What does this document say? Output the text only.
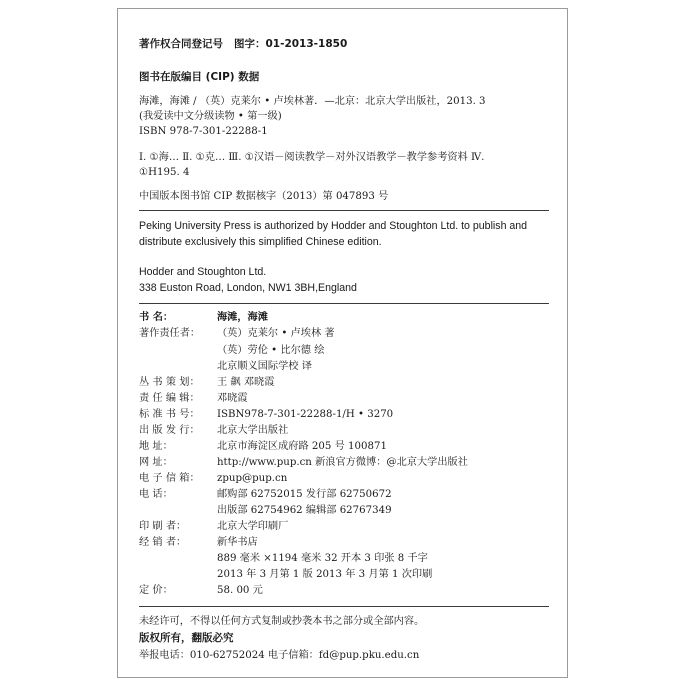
著作权合同登记号 图字：01-2013-1850
图书在版编目 (CIP) 数据
海滩，海滩 / （英）克莱尔 • 卢埃林著．—北京：北京大学出版社，2013. 3
(我爱读中文分级读物 • 第一级)
ISBN 978-7-301-22288-1
Ⅰ. ①海… Ⅱ. ①克… Ⅲ. ①汉语－阅读教学－对外汉语教学－教学参考资料 Ⅳ.
①H195. 4
中国版本图书馆 CIP 数据核字（2013）第 047893 号
Peking University Press is authorized by Hodder and Stoughton Ltd. to publish and
distribute exclusively this simplified Chinese edition.
Hodder and Stoughton Ltd.
338 Euston Road, London, NW1 3BH,England
书 名：	海滩，海滩
著作责任者： （英）克莱尔 • 卢埃林 著
（英）劳伦 • 比尔德 绘
北京顺义国际学校 译
丛 书 策 划： 王 飙 邓晓霞
责 任 编 辑： 邓晓霞
标 准 书 号： ISBN978-7-301-22288-1/H • 3270
出 版 发 行： 北京大学出版社
地 址：	北京市海淀区成府路 205 号 100871
网 址：	http://www.pup.cn 新浪官方微博：@北京大学出版社
电 子 信 箱： zpup@pup.cn
电 话：	邮购部 62752015 发行部 62750672
出版部 62754962 编辑部 62767349
印 刷 者：	北京大学印刷厂
经 销 者：	新华书店
889 毫米 ×1194 毫米 32 开本 3 印张 8 千字
2013 年 3 月第 1 版 2013 年 3 月第 1 次印刷
定 价：	58. 00 元
未经许可，不得以任何方式复制或抄袭本书之部分或全部内容。
版权所有，翻版必究
举报电话：010-62752024 电子信箱：fd@pup.pku.edu.cn
